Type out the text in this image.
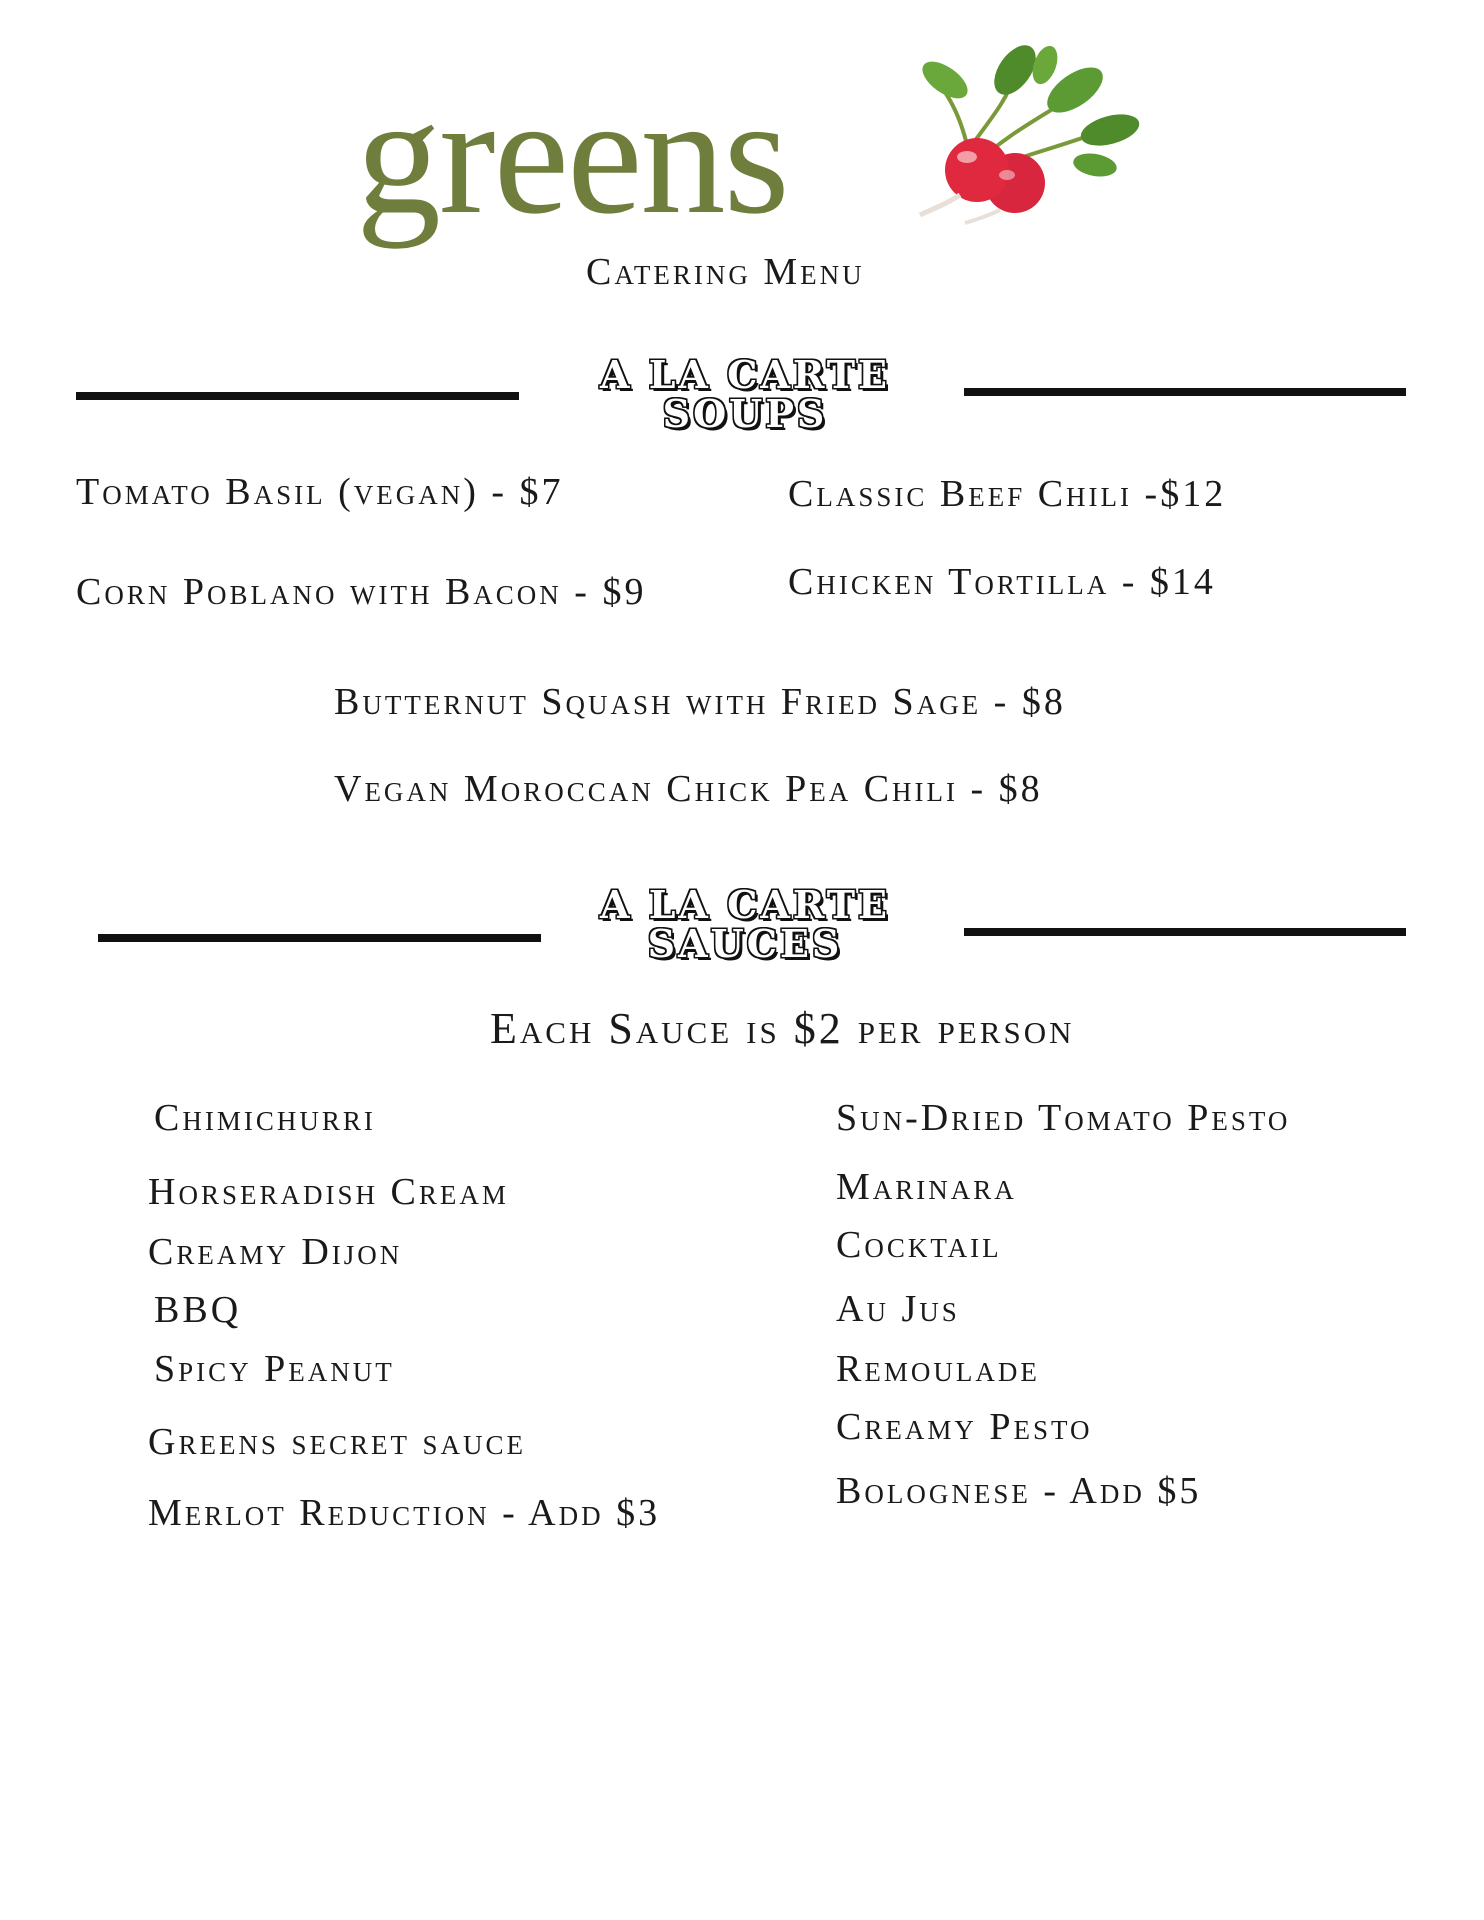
greens
Catering Menu
A LA CARTE
SOUPS
Tomato Basil (vegan) - $7	Classic Beef Chili -$12
Corn Poblano with Bacon - $9	Chicken Tortilla - $14
Butternut Squash with Fried Sage - $8
Vegan Moroccan Chick Pea Chili - $8
A LA CARTE
SAUCES
Each Sauce is $2 per person
Chimichurri
Horseradish Cream
Creamy Dijon
BBQ
Spicy Peanut
Greens secret sauce
Merlot Reduction - Add $3
Sun-Dried Tomato Pesto
Marinara
Cocktail
Au Jus
Remoulade
Creamy Pesto
Bolognese - Add $5
